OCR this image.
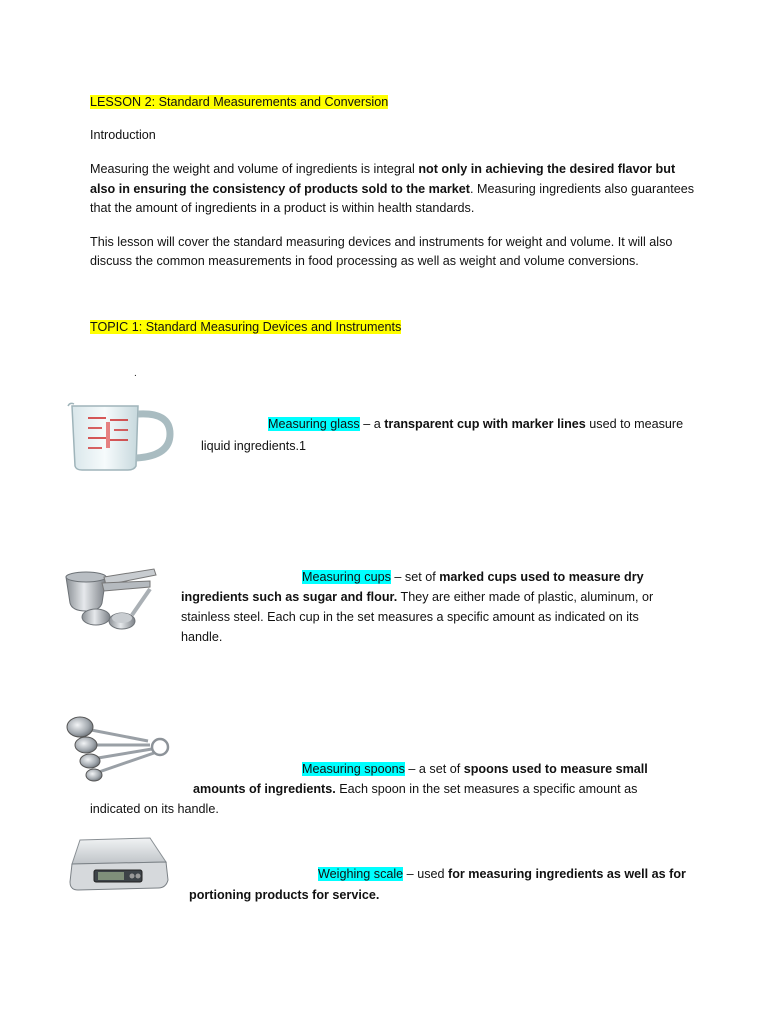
LESSON 2: Standard Measurements and Conversion
Introduction
Measuring the weight and volume of ingredients is integral not only in achieving the desired flavor but
also in ensuring the consistency of products sold to the market. Measuring ingredients also guarantees
that the amount of ingredients in a product is within health standards.
This lesson will cover the standard measuring devices and instruments for weight and volume. It will also
discuss the common measurements in food processing as well as weight and volume conversions.
TOPIC 1: Standard Measuring Devices and Instruments
.
Measuring glass – a transparent cup with marker lines used to measure
liquid ingredients.1
Measuring cups – set of marked cups used to measure dry
ingredients such as sugar and flour. They are either made of plastic, aluminum, or
stainless steel. Each cup in the set measures a specific amount as indicated on its
handle.
Measuring spoons – a set of spoons used to measure small
amounts of ingredients. Each spoon in the set measures a specific amount as
indicated on its handle.
Weighing scale – used for measuring ingredients as well as for
portioning products for service.
